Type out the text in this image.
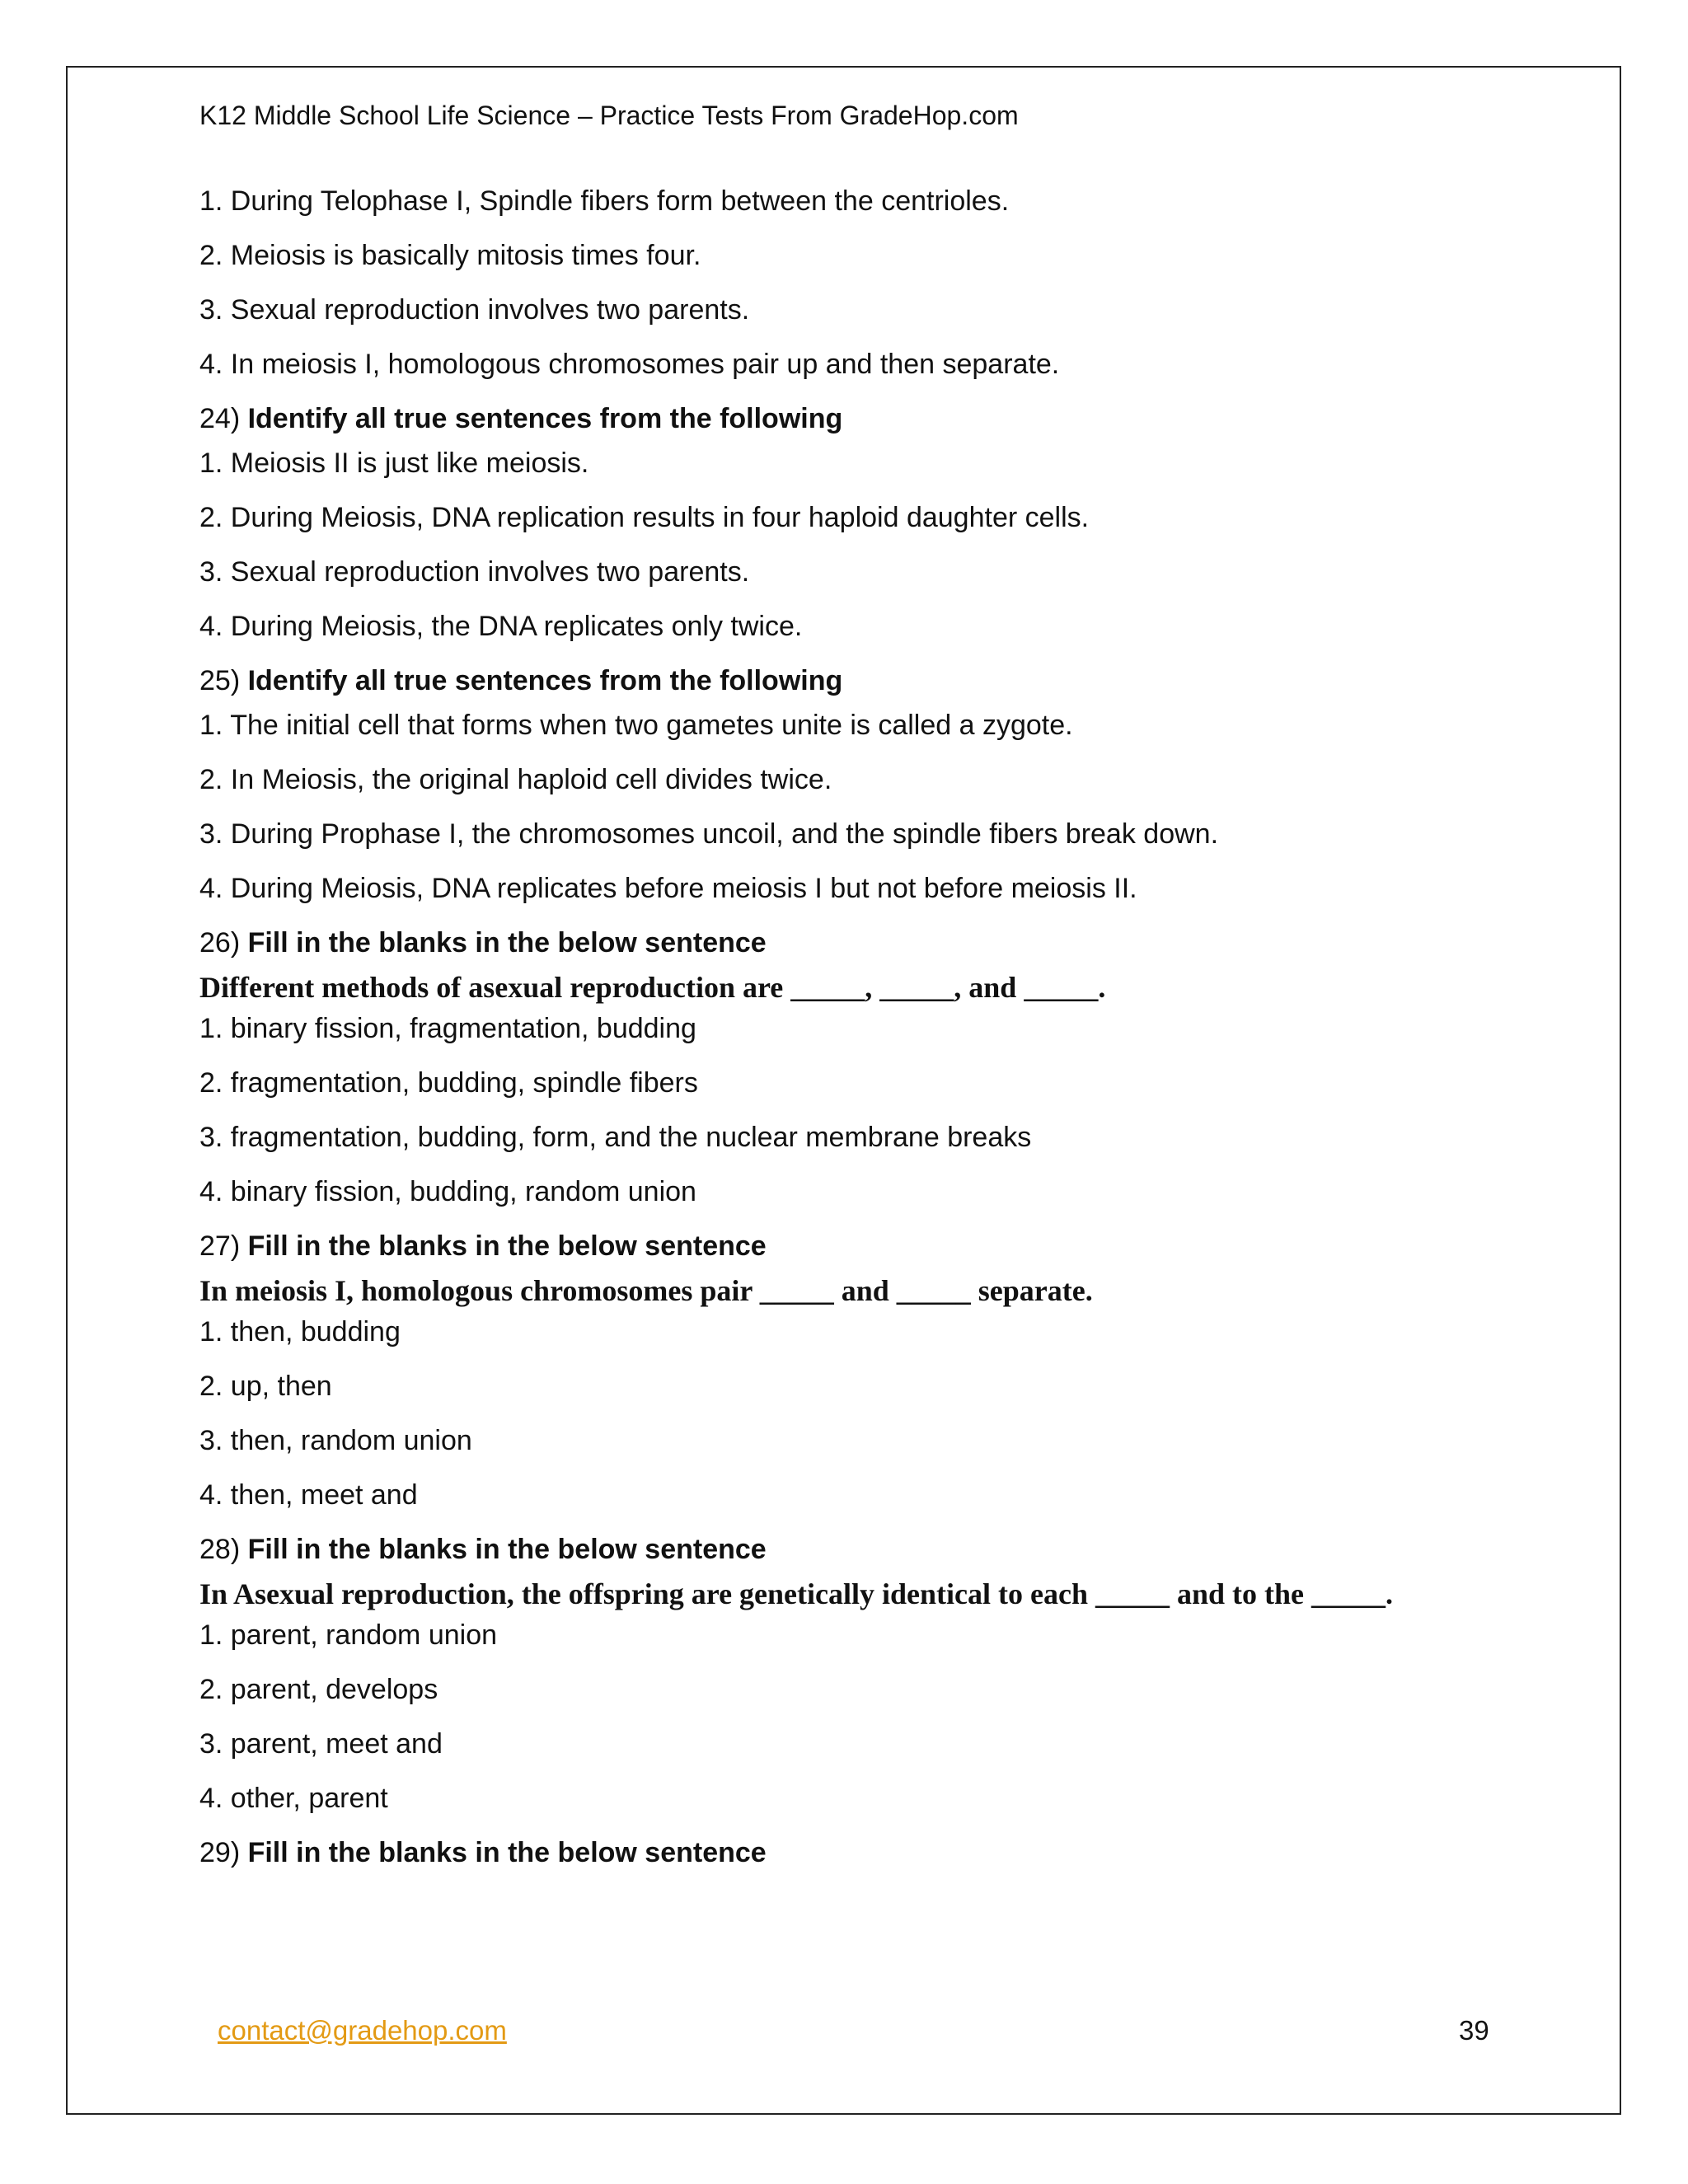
K12 Middle School Life Science – Practice Tests From GradeHop.com
1. During Telophase I, Spindle fibers form between the centrioles.
2. Meiosis is basically mitosis times four.
3. Sexual reproduction involves two parents.
4. In meiosis I, homologous chromosomes pair up and then separate.
24) Identify all true sentences from the following
1. Meiosis II is just like meiosis.
2. During Meiosis, DNA replication results in four haploid daughter cells.
3. Sexual reproduction involves two parents.
4. During Meiosis, the DNA replicates only twice.
25) Identify all true sentences from the following
1. The initial cell that forms when two gametes unite is called a zygote.
2. In Meiosis, the original haploid cell divides twice.
3. During Prophase I, the chromosomes uncoil, and the spindle fibers break down.
4. During Meiosis, DNA replicates before meiosis I but not before meiosis II.
26) Fill in the blanks in the below sentence
Different methods of asexual reproduction are _____, _____, and _____.
1. binary fission, fragmentation, budding
2. fragmentation, budding, spindle fibers
3. fragmentation, budding, form, and the nuclear membrane breaks
4. binary fission, budding, random union
27) Fill in the blanks in the below sentence
In meiosis I, homologous chromosomes pair _____ and _____ separate.
1. then, budding
2. up, then
3. then, random union
4. then, meet and
28) Fill in the blanks in the below sentence
In Asexual reproduction, the offspring are genetically identical to each _____ and to the _____.
1. parent, random union
2. parent, develops
3. parent, meet and
4. other, parent
29) Fill in the blanks in the below sentence
contact@gradehop.com	39
